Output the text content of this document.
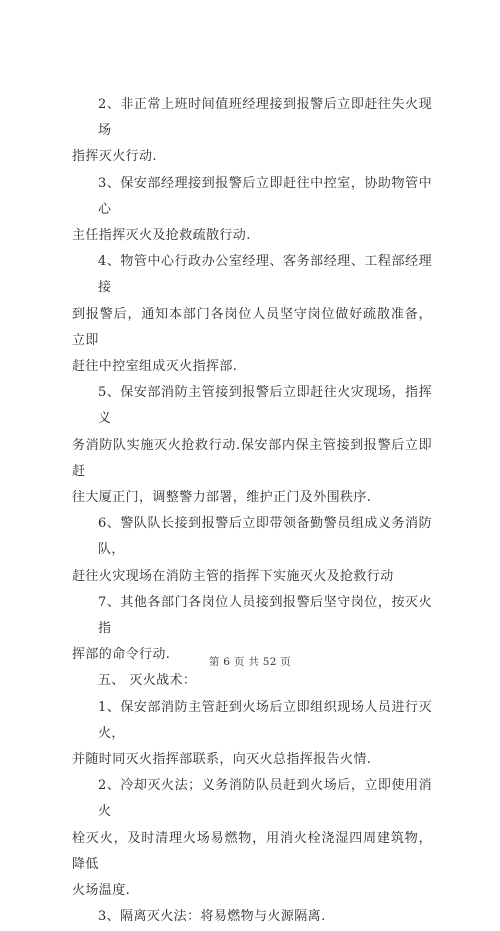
2、非正常上班时间值班经理接到报警后立即赶往失火现场
指挥灭火行动.

3、保安部经理接到报警后立即赶往中控室，协助物管中心
主任指挥灭火及抢救疏散行动.

4、物管中心行政办公室经理、客务部经理、工程部经理接
到报警后，通知本部门各岗位人员坚守岗位做好疏散准备，立即
赶往中控室组成灭火指挥部.

5、保安部消防主管接到报警后立即赶往火灾现场，指挥义
务消防队实施灭火抢救行动.保安部内保主管接到报警后立即赶
往大厦正门，调整警力部署，维护正门及外围秩序.

6、警队队长接到报警后立即带领备勤警员组成义务消防队，
赶往火灾现场在消防主管的指挥下实施灭火及抢救行动

7、其他各部门各岗位人员接到报警后坚守岗位，按灭火指
挥部的命令行动.

五、 灭火战术：

1、保安部消防主管赶到火场后立即组织现场人员进行灭火，
并随时同灭火指挥部联系，向灭火总指挥报告火情.

2、冷却灭火法；义务消防队员赶到火场后，立即使用消火
栓灭火，及时清理火场易燃物，用消火栓浇湿四周建筑物，降低
火场温度.

3、隔离灭火法：将易燃物与火源隔离.

第 6 页 共 52 页
